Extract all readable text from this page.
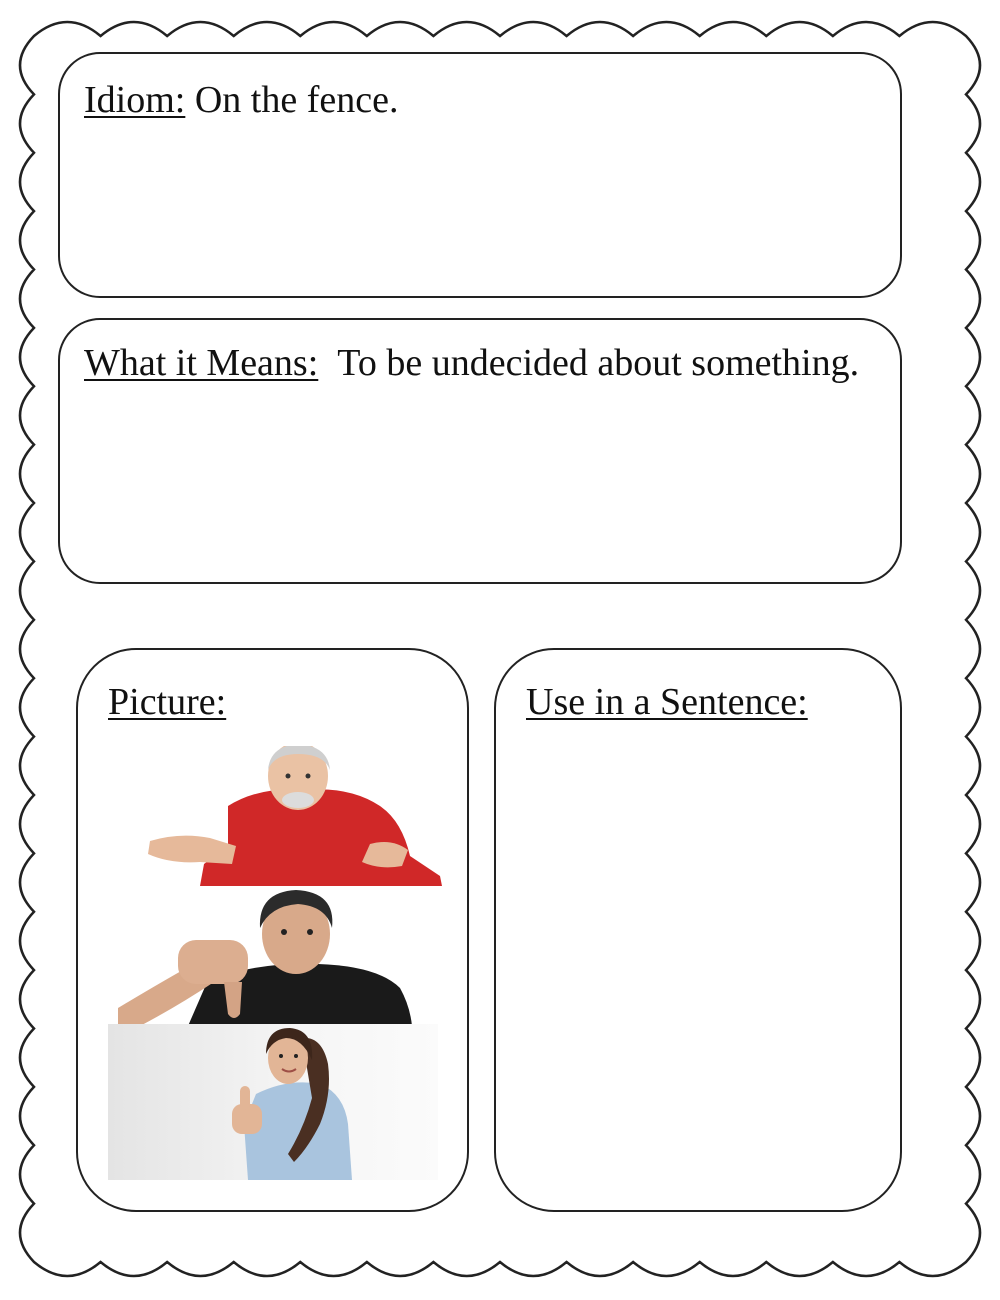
Idiom: On the fence.
What it Means: To be undecided about something.
Picture:	Use in a Sentence:
